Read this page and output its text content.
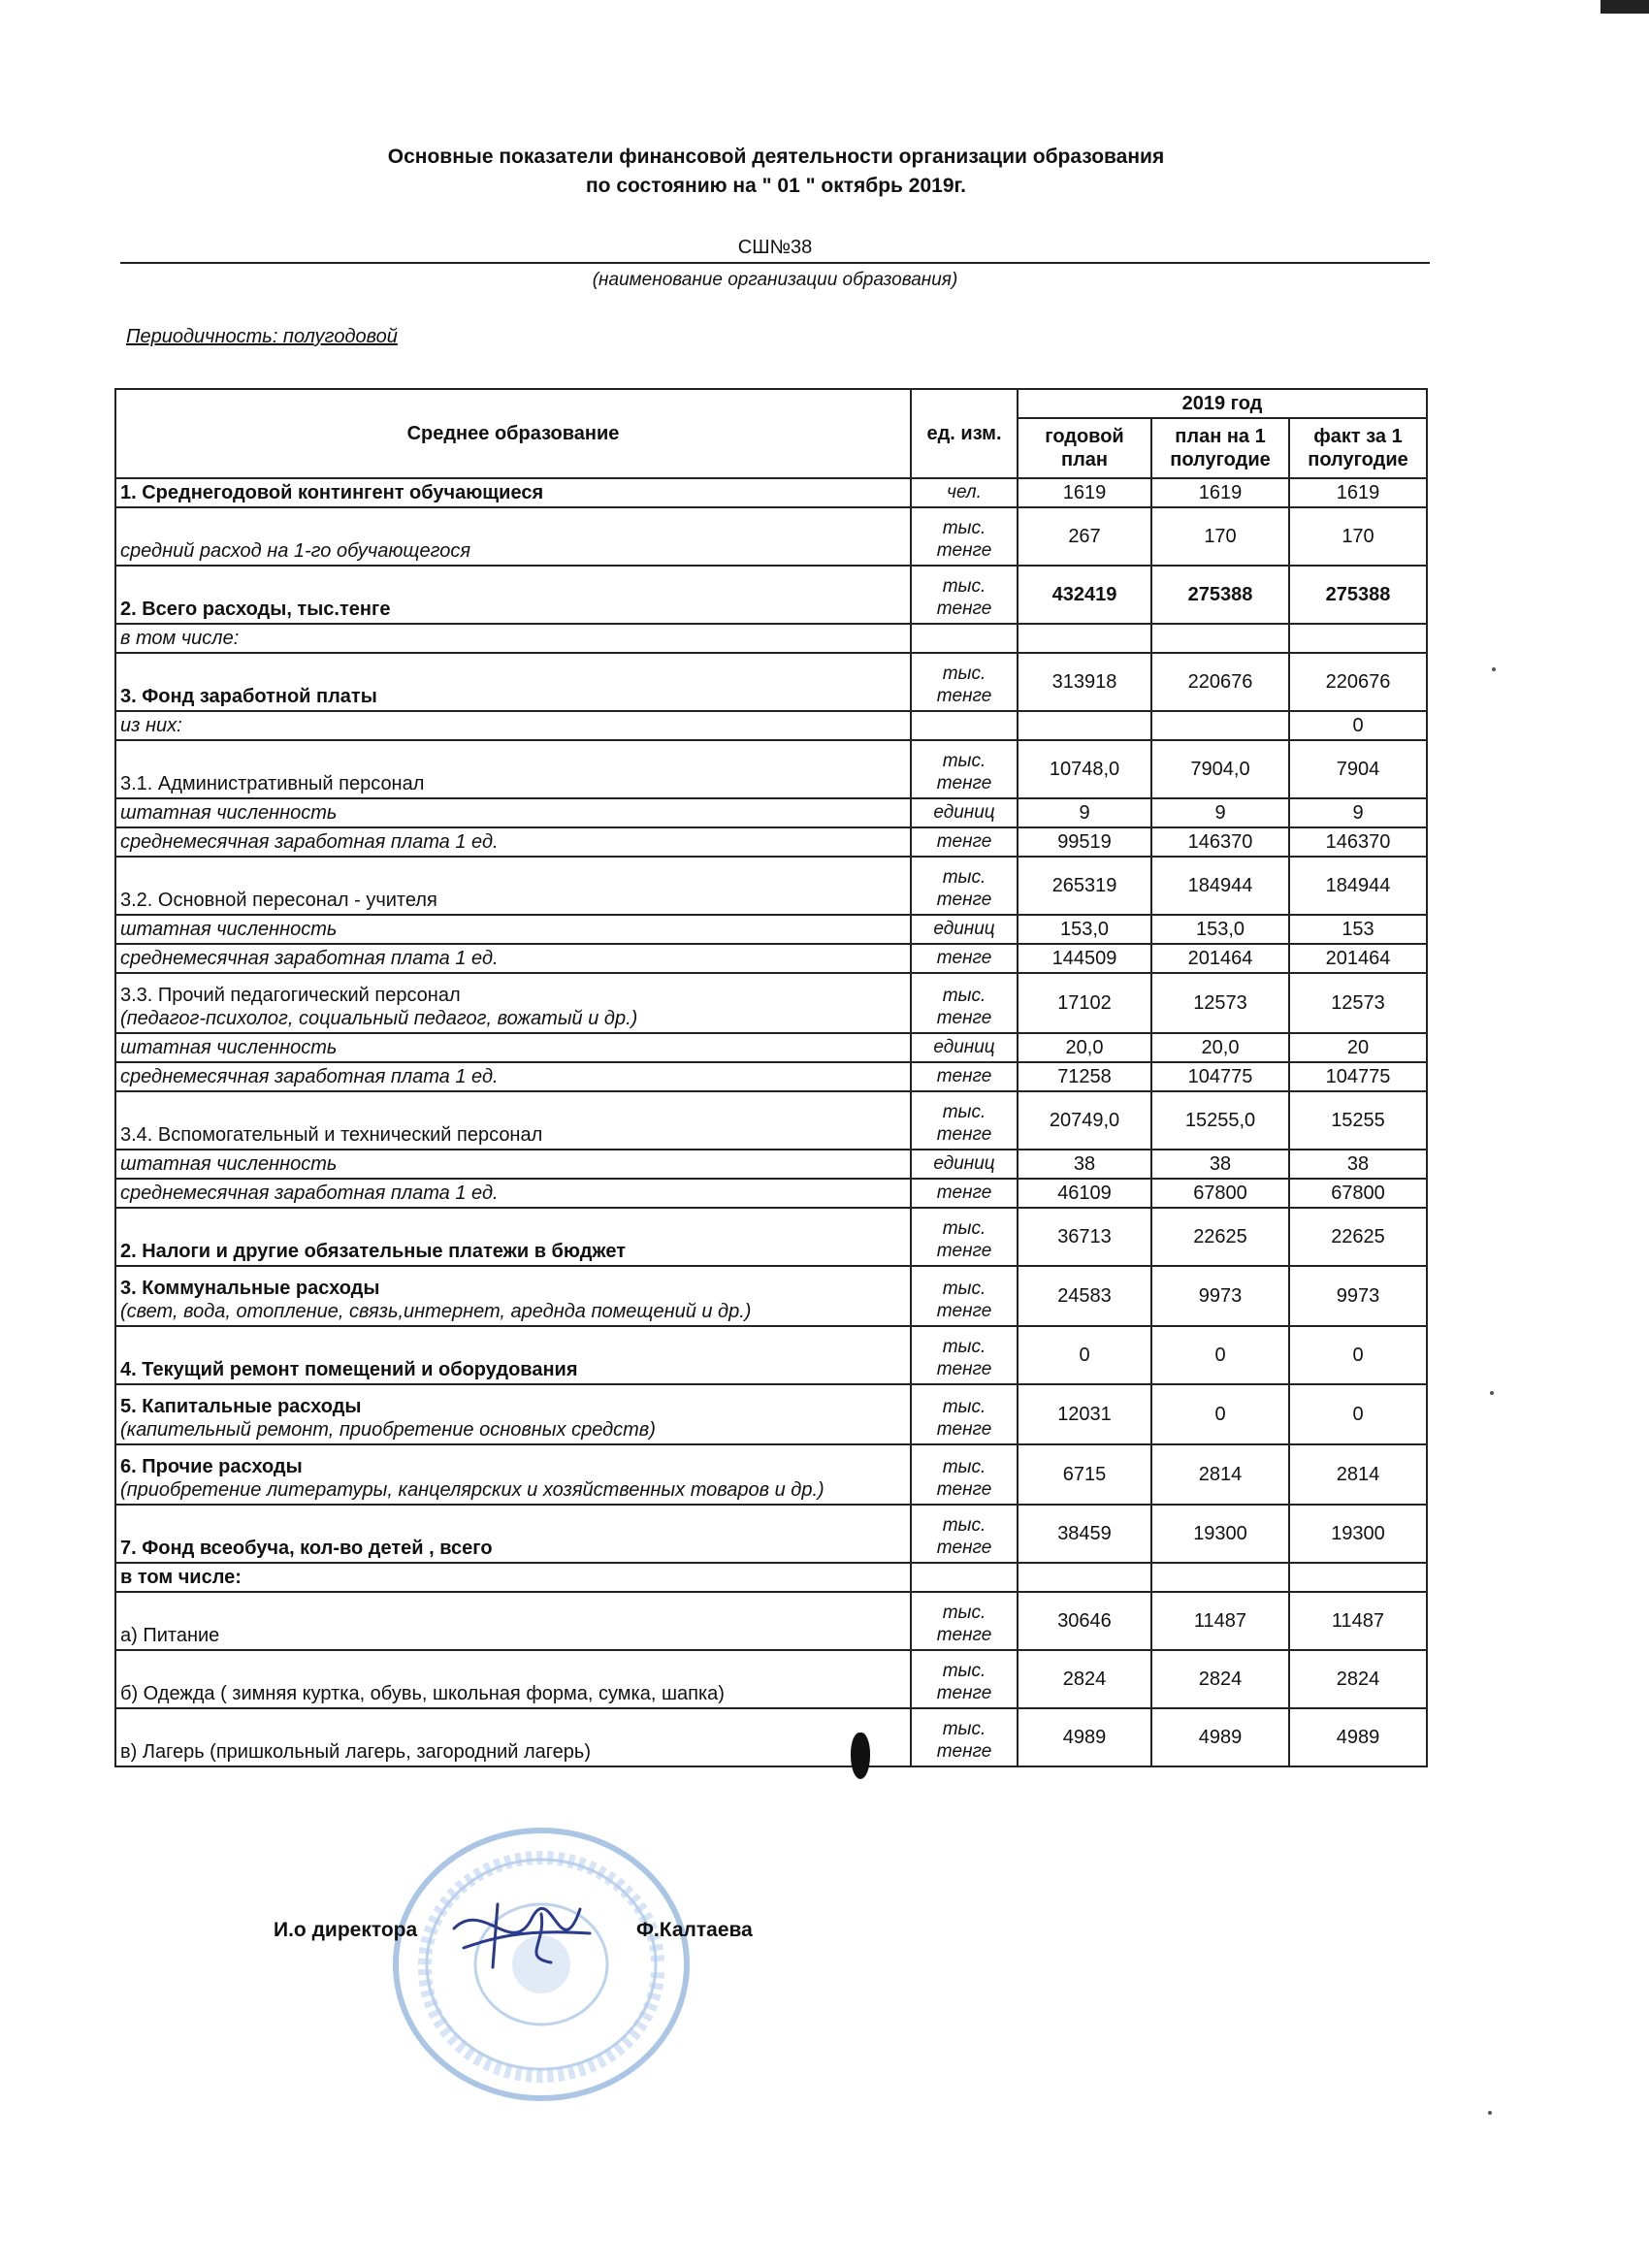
Основные показатели финансовой деятельности организации образования
по состоянию на " 01 " октябрь 2019г.
СШ№38
(наименование организации образования)
Периодичность: полугодовой
Среднее образование	ед. изм.	2019 год		
		годовой план	план на 1 полугодие	факт за 1 полугодие

1. Среднегодовой контингент обучающиеся	чел.	1619	1619	1619

средний расход на 1-го обучающегося	тыс. тенге	267	170	170

2. Всего расходы, тыс.тенге	тыс. тенге	432419	275388	275388

в том числе:				

3. Фонд заработной платы	тыс. тенге	313918	220676	220676

из них:				0

3.1. Административный персонал	тыс. тенге	10748,0	7904,0	7904

штатная численность	единиц	9	9	9

среднемесячная заработная плата 1 ед.	тенге	99519	146370	146370

3.2. Основной пересонал - учителя	тыс. тенге	265319	184944	184944

штатная численность	единиц	153,0	153,0	153

среднемесячная заработная плата 1 ед.	тенге	144509	201464	201464

3.3. Прочий педагогический персонал
(педагог-психолог, социальный педагог, вожатый и др.)	тыс. тенге	17102	12573	12573

штатная численность	единиц	20,0	20,0	20

среднемесячная заработная плата 1 ед.	тенге	71258	104775	104775

3.4. Вспомогательный и технический персонал	тыс. тенге	20749,0	15255,0	15255

штатная численность	единиц	38	38	38

среднемесячная заработная плата 1 ед.	тенге	46109	67800	67800

2. Налоги и другие обязательные платежи в бюджет	тыс. тенге	36713	22625	22625

3. Коммунальные расходы
(свет, вода, отопление, связь,интернет, ареднда помещений и др.)	тыс. тенге	24583	9973	9973

4. Текущий ремонт помещений и оборудования	тыс. тенге	0	0	0

5. Капитальные расходы
(капительный ремонт, приобретение основных средств)	тыс. тенге	12031	0	0

6. Прочие расходы
(приобретение литературы, канцелярских и хозяйственных товаров и др.)	тыс. тенге	6715	2814	2814

7. Фонд всеобуча, кол-во детей , всего	тыс. тенге	38459	19300	19300

в том числе:				

а) Питание	тыс. тенге	30646	11487	11487

б) Одежда ( зимняя куртка, обувь, школьная форма, сумка, шапка)	тыс. тенге	2824	2824	2824

в) Лагерь (пришкольный лагерь, загородний лагерь)	тыс. тенге	4989	4989	4989
И.о директора	Ф.Калтаева
